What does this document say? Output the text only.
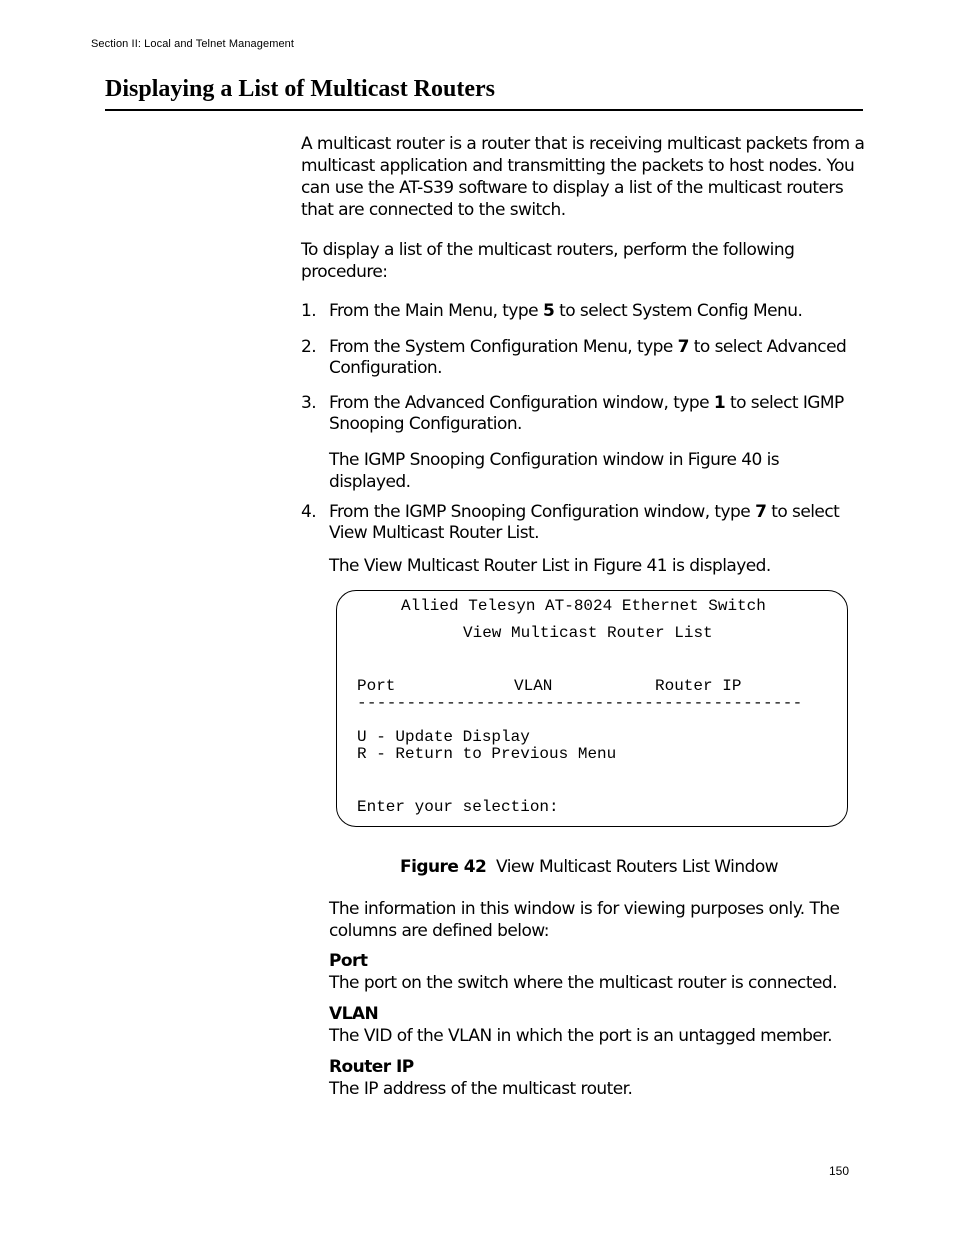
Section II: Local and Telnet Management
Displaying a List of Multicast Routers

A multicast router is a router that is receiving multicast packets from a multicast application and transmitting the packets to host nodes. You can use the AT-S39 software to display a list of the multicast routers that are connected to the switch.

To display a list of the multicast routers, perform the following procedure:

1. From the Main Menu, type 5 to select System Config Menu.
2. From the System Configuration Menu, type 7 to select Advanced Configuration.
3. From the Advanced Configuration window, type 1 to select IGMP Snooping Configuration.

The IGMP Snooping Configuration window in Figure 40 is displayed.

4. From the IGMP Snooping Configuration window, type 7 to select View Multicast Router List.

The View Multicast Router List in Figure 41 is displayed.

Allied Telesyn AT-8024 Ethernet Switch
View Multicast Router List
Port	VLAN	Router IP
---------------------------------------------
U - Update Display
R - Return to Previous Menu
Enter your selection:
Figure 42 View Multicast Routers List Window

The information in this window is for viewing purposes only. The columns are defined below:

Port
The port on the switch where the multicast router is connected.
VLAN
The VID of the VLAN in which the port is an untagged member.
Router IP
The IP address of the multicast router.
150
